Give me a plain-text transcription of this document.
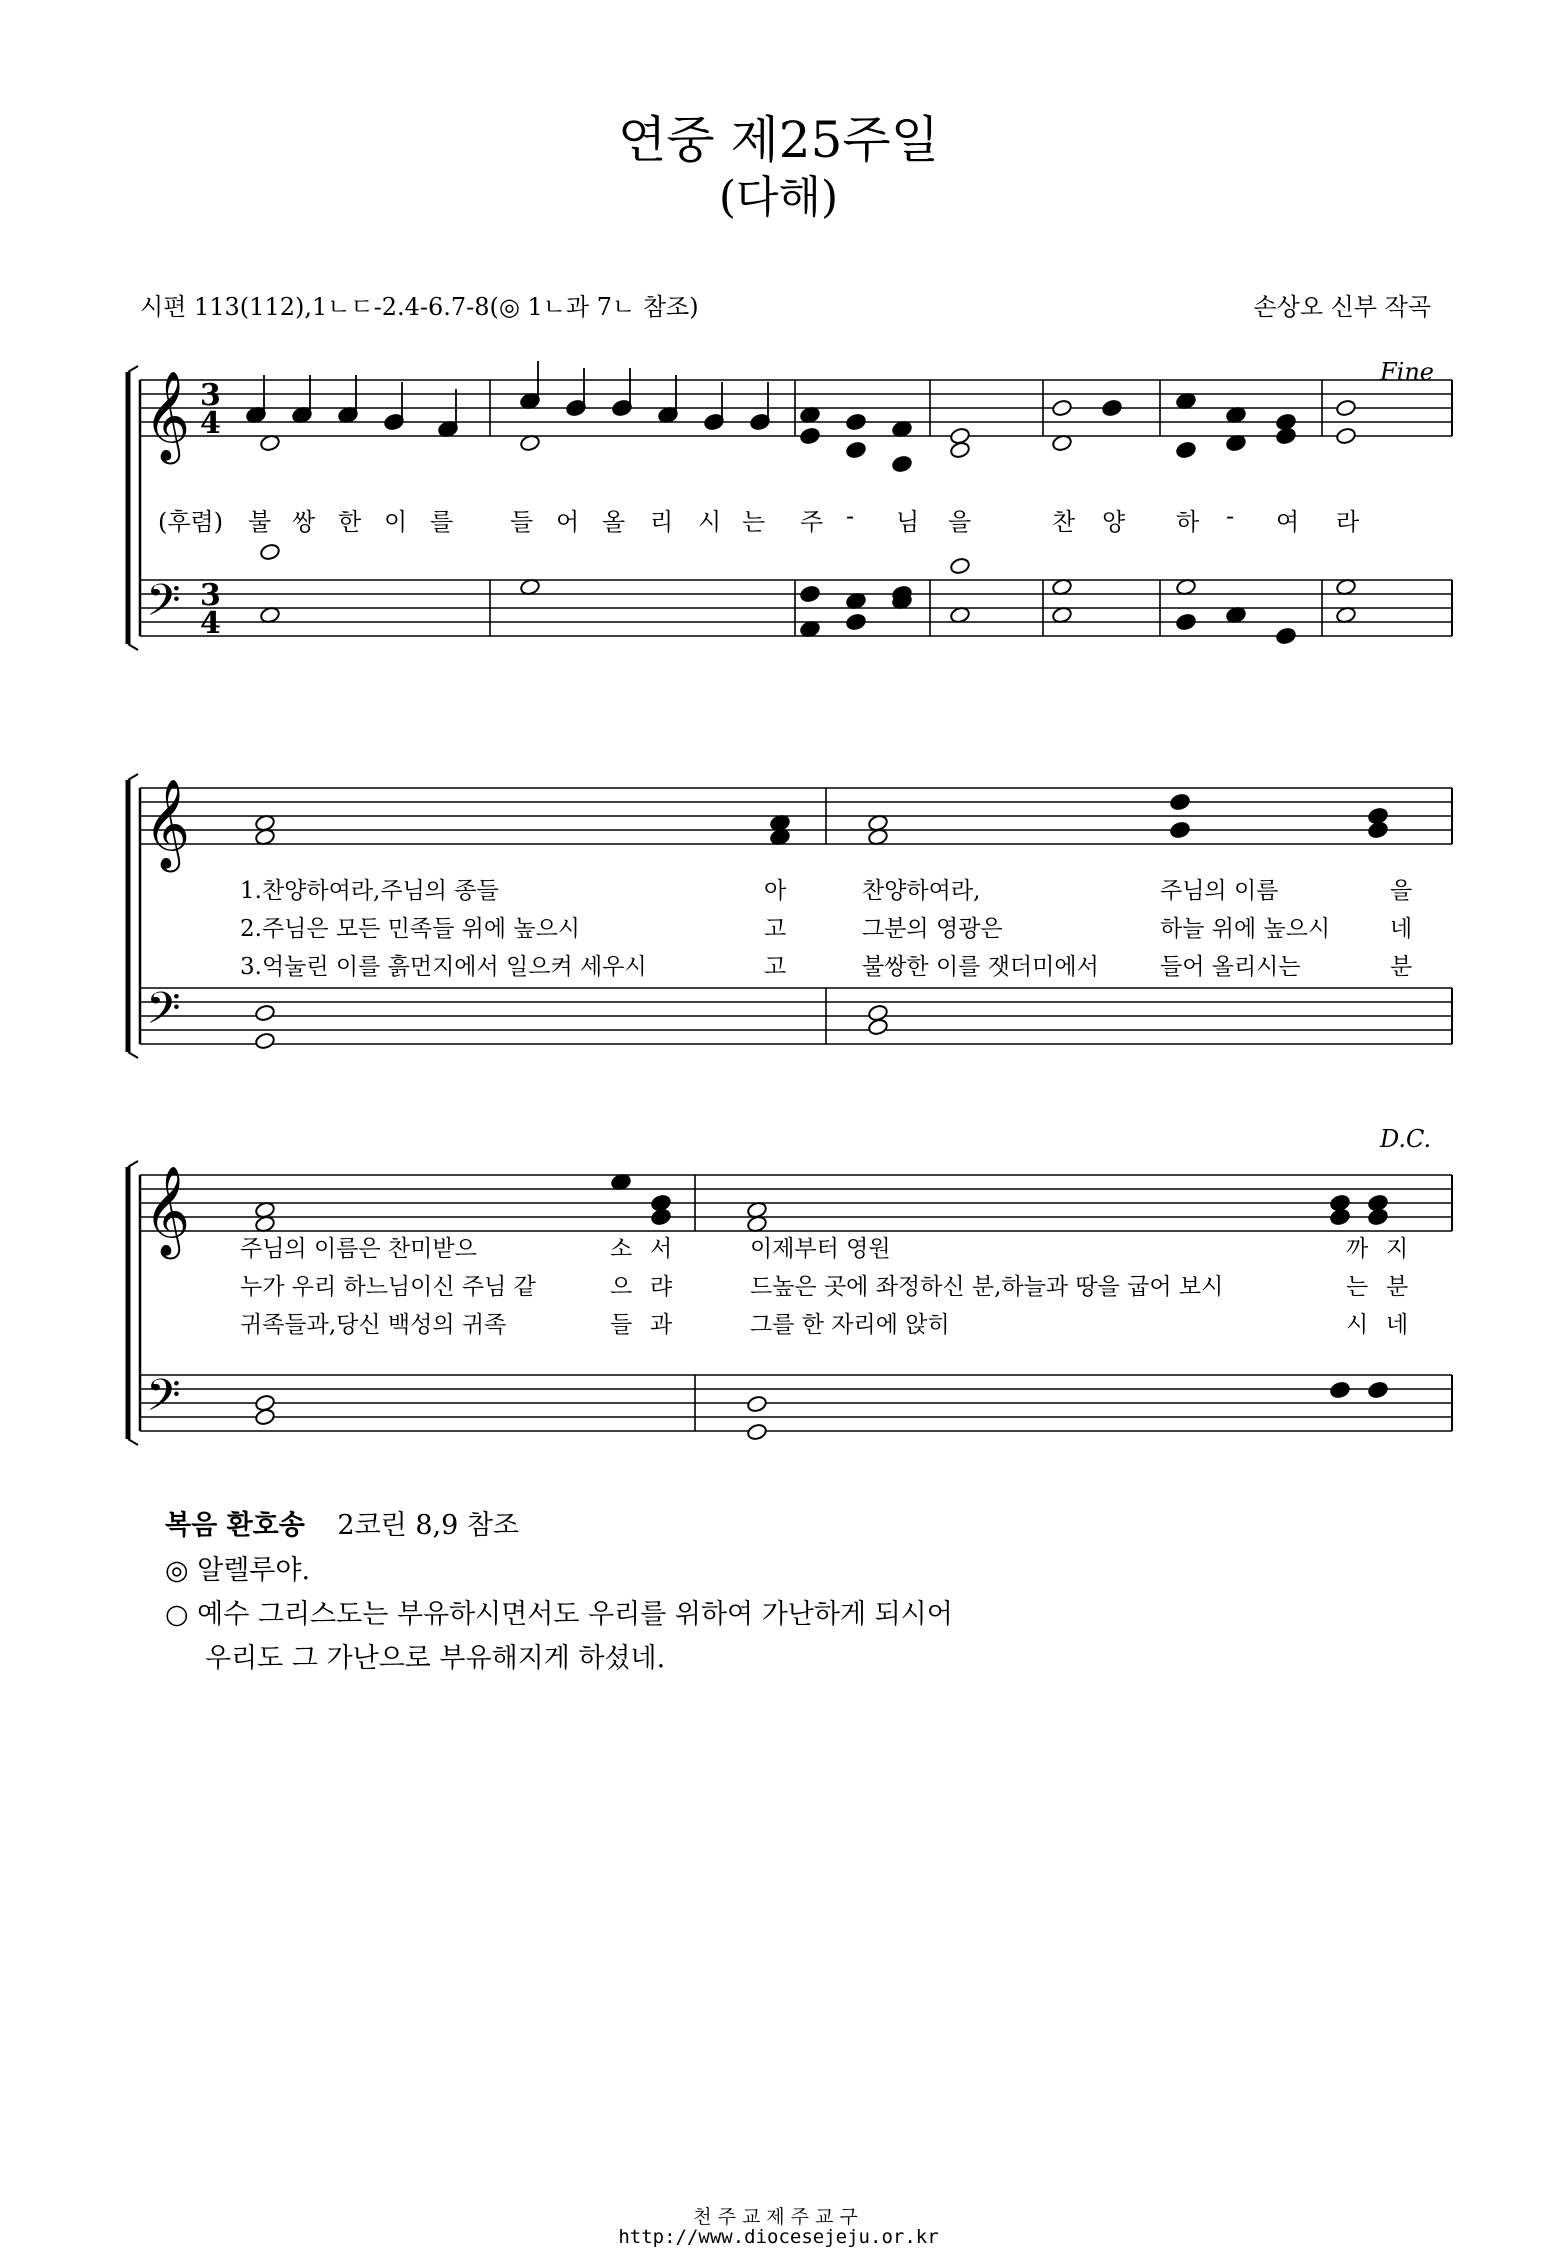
연중 제25주일
(다해)
시편 113(112),1ㄴㄷ-2.4-6.7-8(◎ 1ㄴ과 7ㄴ 참조)	손상오 신부 작곡
𝄞
𝄞
𝄞
𝄢
𝄢
𝄢
3
4
3
4
Fine
D.C.
(후렴) 불 쌍 한 이 를 들 어 올 리 시 는 주 - 님 을	찬 양 하 - 여 라
1.찬양하여라,주님의 종들	아	찬양하여라,	주님의 이름	을
2.주님은 모든 민족들 위에 높으시	고	그분의 영광은	하늘 위에 높으시	네
3.억눌린 이를 흙먼지에서 일으켜 세우시	고	불쌍한 이를 잿더미에서	들어 올리시는	분
주님의 이름은 찬미받으	소 서	이제부터 영원	까 지
누가 우리 하느님이신 주님 같	으 랴	드높은 곳에 좌정하신 분,하늘과 땅을 굽어 보시	는 분
귀족들과,당신 백성의 귀족	들 과	그를 한 자리에 앉히	시 네
복음 환호송 2코린 8,9 참조
◎ 알렐루야.
○ 예수 그리스도는 부유하시면서도 우리를 위하여 가난하게 되시어
우리도 그 가난으로 부유해지게 하셨네.
천주교제주교구
http://www.diocesejeju.or.kr
